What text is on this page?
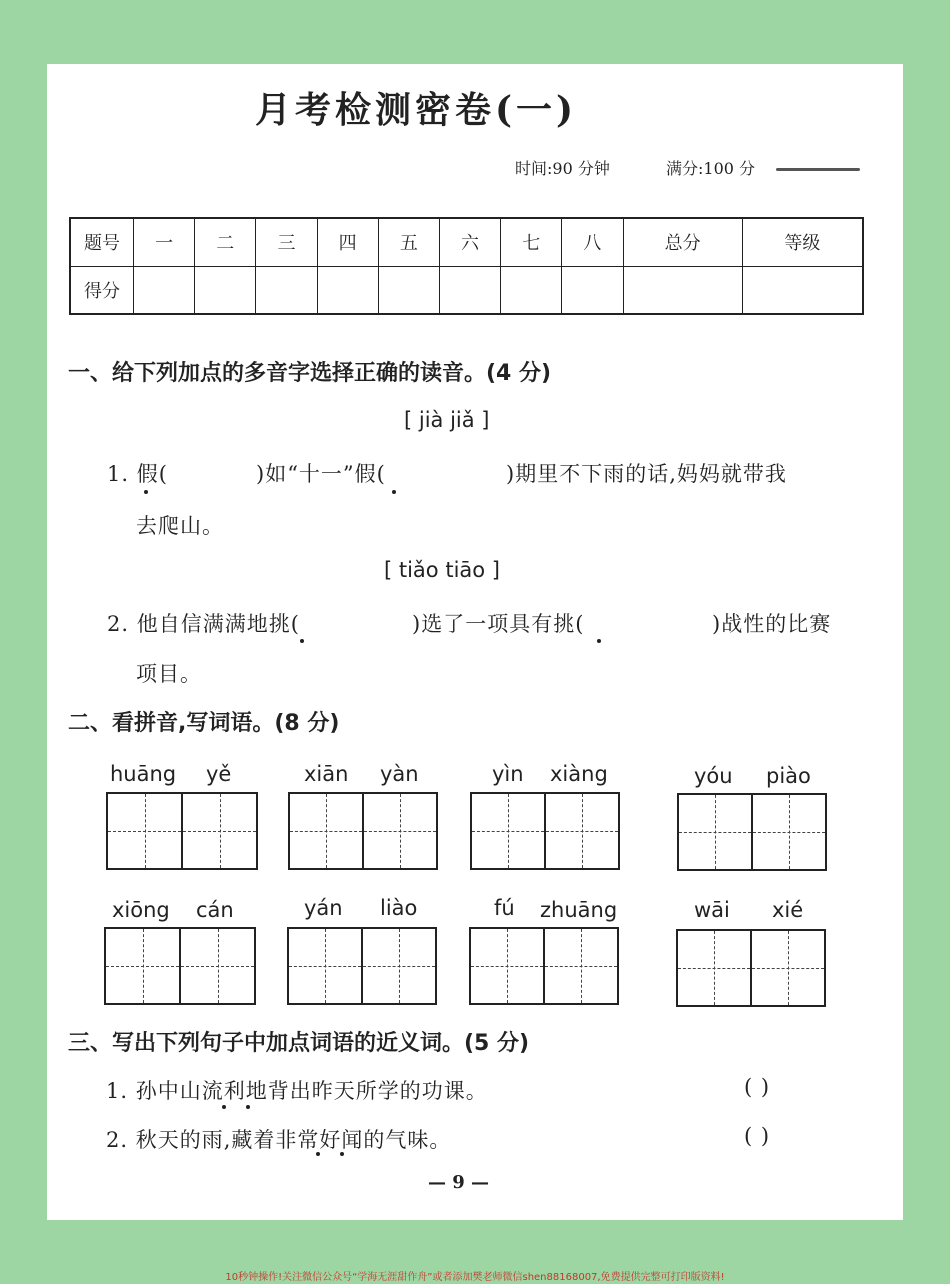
月考检测密卷(一)
时间:90 分钟	满分:100 分
题号	一	二	三	四	五	六	七	八	总分	等级
得分										
一、给下列加点的多音字选择正确的读音。(4 分)
[ jià jiǎ ]
1. 假(	)如“十一”假(	)期里不下雨的话,妈妈就带我
去爬山。
[ tiǎo tiāo ]
2. 他自信满满地挑(	)选了一项具有挑(	)战性的比赛
项目。
二、看拼音,写词语。(8 分)
huāng yě	xiān yàn	yìn xiàng	yóu piào
xiōng cán	yán liào	fú zhuāng	wāi xié
三、写出下列句子中加点词语的近义词。(5 分)
1. 孙中山流利地背出昨天所学的功课。	( )
2. 秋天的雨,藏着非常好闻的气味。	( )
— 9 —
10秒钟操作!关注微信公众号“学海无涯甜作舟”或者添加樊老师微信shen88168007,免费提供完整可打印版资料!
